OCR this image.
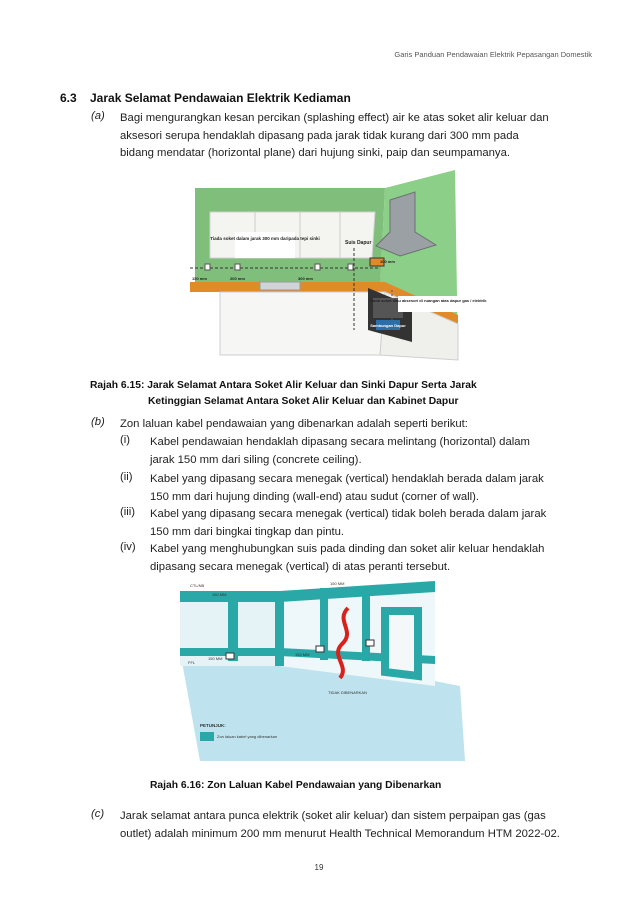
Garis Panduan Pendawaian Elektrik Pepasangan Domestik
6.3 Jarak Selamat Pendawaian Elektrik Kediaman
(a) Bagi mengurangkan kesan percikan (splashing effect) air ke atas soket alir keluar dan
aksesori serupa hendaklah dipasang pada jarak tidak kurang dari 300 mm pada
bidang mendatar (horizontal plane) dari hujung sinki, paip dan seumpamanya.
Tiada soket dalam jarak 300 mm daripada tepi sinki
Suis Dapur
150 mm	200 mm	300 mm
100 mm
Tiada soket atau aksesori di ruangan atas dapur gas / elektrik
Sambungan Dapur
Rajah 6.15: Jarak Selamat Antara Soket Alir Keluar dan Sinki Dapur Serta Jarak
Ketinggian Selamat Antara Soket Alir Keluar dan Kabinet Dapur
(b) Zon laluan kabel pendawaian yang dibenarkan adalah seperti berikut:
(i) Kabel pendawaian hendaklah dipasang secara melintang (horizontal) dalam
jarak 150 mm dari siling (concrete ceiling).
(ii) Kabel yang dipasang secara menegak (vertical) hendaklah berada dalam jarak
150 mm dari hujung dinding (wall-end) atau sudut (corner of wall).
(iii) Kabel yang dipasang secara menegak (vertical) tidak boleh berada dalam jarak
150 mm dari bingkai tingkap dan pintu.
(iv) Kabel yang menghubungkan suis pada dinding dan soket alir keluar hendaklah
dipasang secara menegak (vertical) di atas peranti tersebut.
CTL/NB
150 MM
150 MM
150 MM
150 MM
FFL
TIDAK DIBENARKAN
PETUNJUK:
Zon laluan kabel yang dibenarkan
Rajah 6.16: Zon Laluan Kabel Pendawaian yang Dibenarkan
(c) Jarak selamat antara punca elektrik (soket alir keluar) dan sistem perpaipan gas (gas
outlet) adalah minimum 200 mm menurut Health Technical Memorandum HTM 2022-02.
19
